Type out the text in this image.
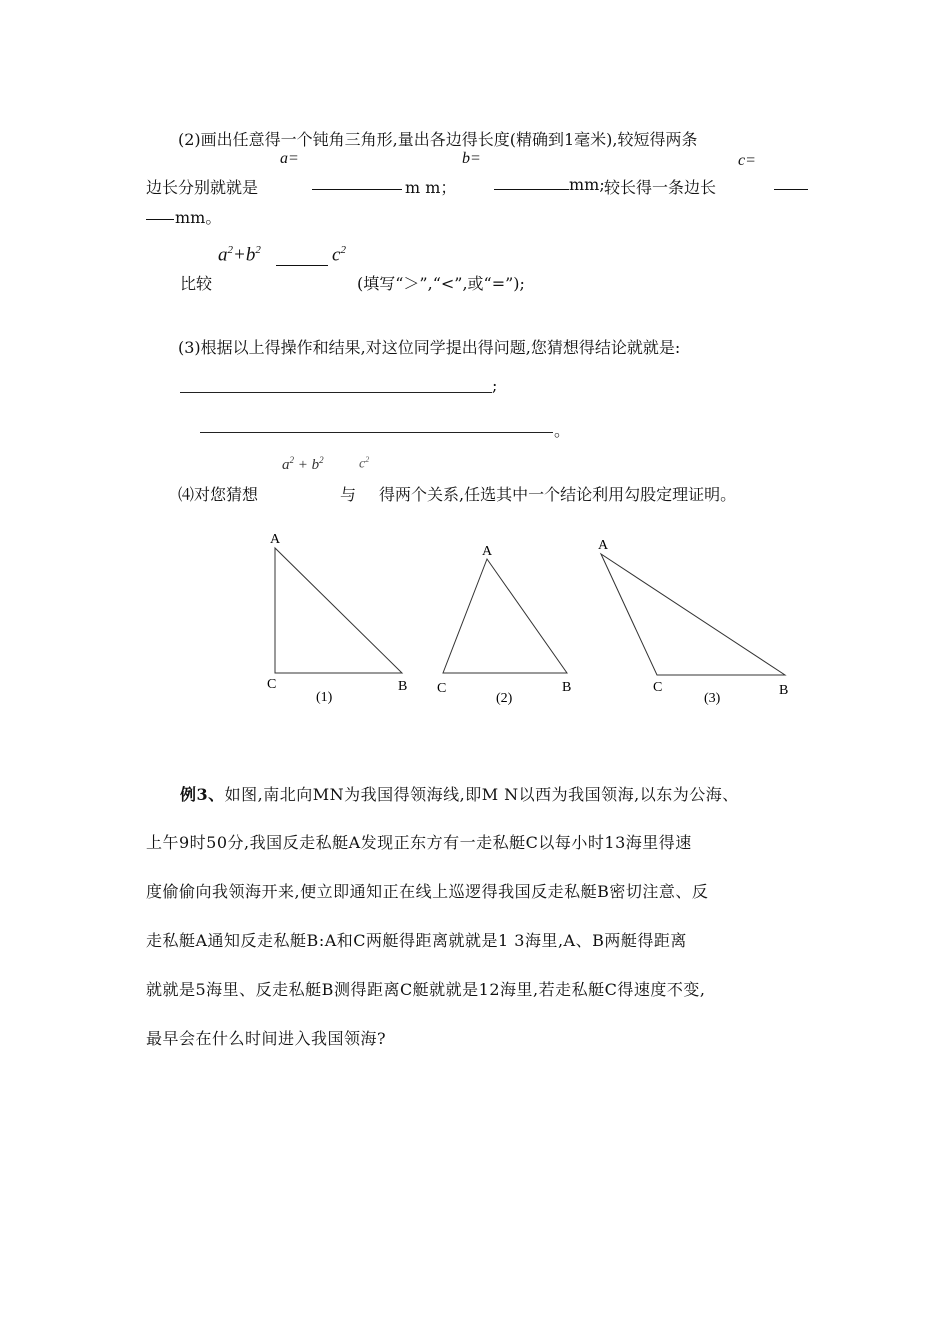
(2)画出任意得一个钝角三角形,量出各边得长度(精确到1毫米),较短得两条
a=	b=	c=
边长分别就就是	m m；	mm; 较长得一条边长
mm。
$a^2+b^2$	$c^2$
比较	(填写“＞”,“<”,或“=”);
(3)根据以上得操作和结果,对这位同学提出得问题,您猜想得结论就就是:
;
。
$a^2 + b^2$	$c^2$
⑷对您猜想	与 得两个关系,任选其中一个结论利用勾股定理证明。
A
C	B
(1)
A
C	B
(2)
A
C	B
(3)
例3、如图,南北向MN为我国得领海线,即M N以西为我国领海,以东为公海、
上午9时50分,我国反走私艇A发现正东方有一走私艇C以每小时13海里得速
度偷偷向我领海开来,便立即通知正在线上巡逻得我国反走私艇B密切注意、反
走私艇A通知反走私艇B:A和C两艇得距离就就是1 3海里,A、B两艇得距离
就就是5海里、反走私艇B测得距离C艇就就是12海里,若走私艇C得速度不变,
最早会在什么时间进入我国领海?
